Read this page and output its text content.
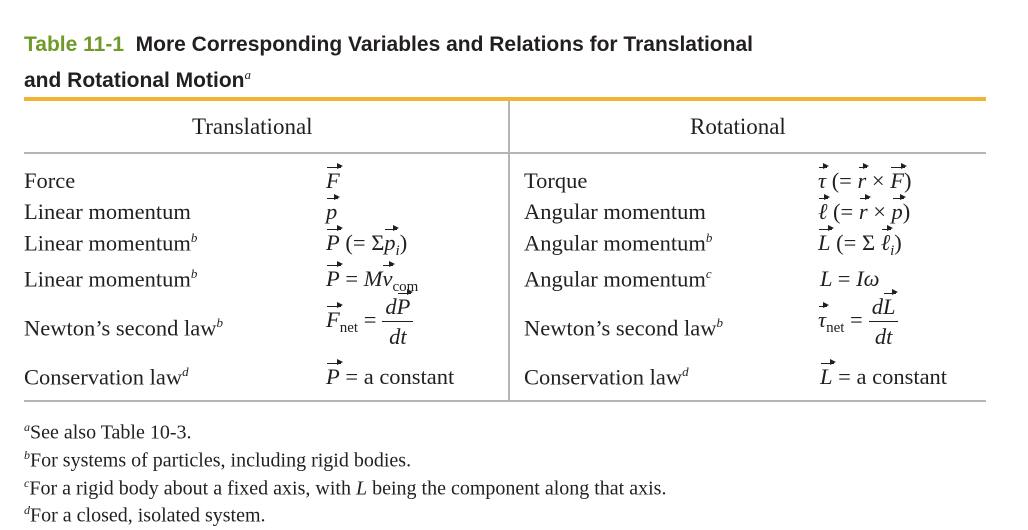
Table 11-1 More Corresponding Variables and Relations for Translational
and Rotational Motion$^a$
Translational	Rotational
Force	F	Torque	τ (= r × F)
Linear momentum	p	Angular momentum	ℓ (= r × p)
Linear momentum$^b$	P (= $\Sigma p_i$)	Angular momentum$^b$	L (= Σ ℓ$_i$)
Linear momentum$^b$	$P = Mv_{com}$	Angular momentum$^c$	L = Iω
Newton’s second law$^b$	$F_{net} = \frac{dP}{dt}$	Newton’s second law$^b$	$\tau_{net} = \frac{dL}{dt}$
Conservation law$^d$	P = a constant	Conservation law$^d$	L = a constant
$^a$See also Table 10-3.
$^b$For systems of particles, including rigid bodies.
$^c$For a rigid body about a fixed axis, with L being the component along that axis.
$^d$For a closed, isolated system.
